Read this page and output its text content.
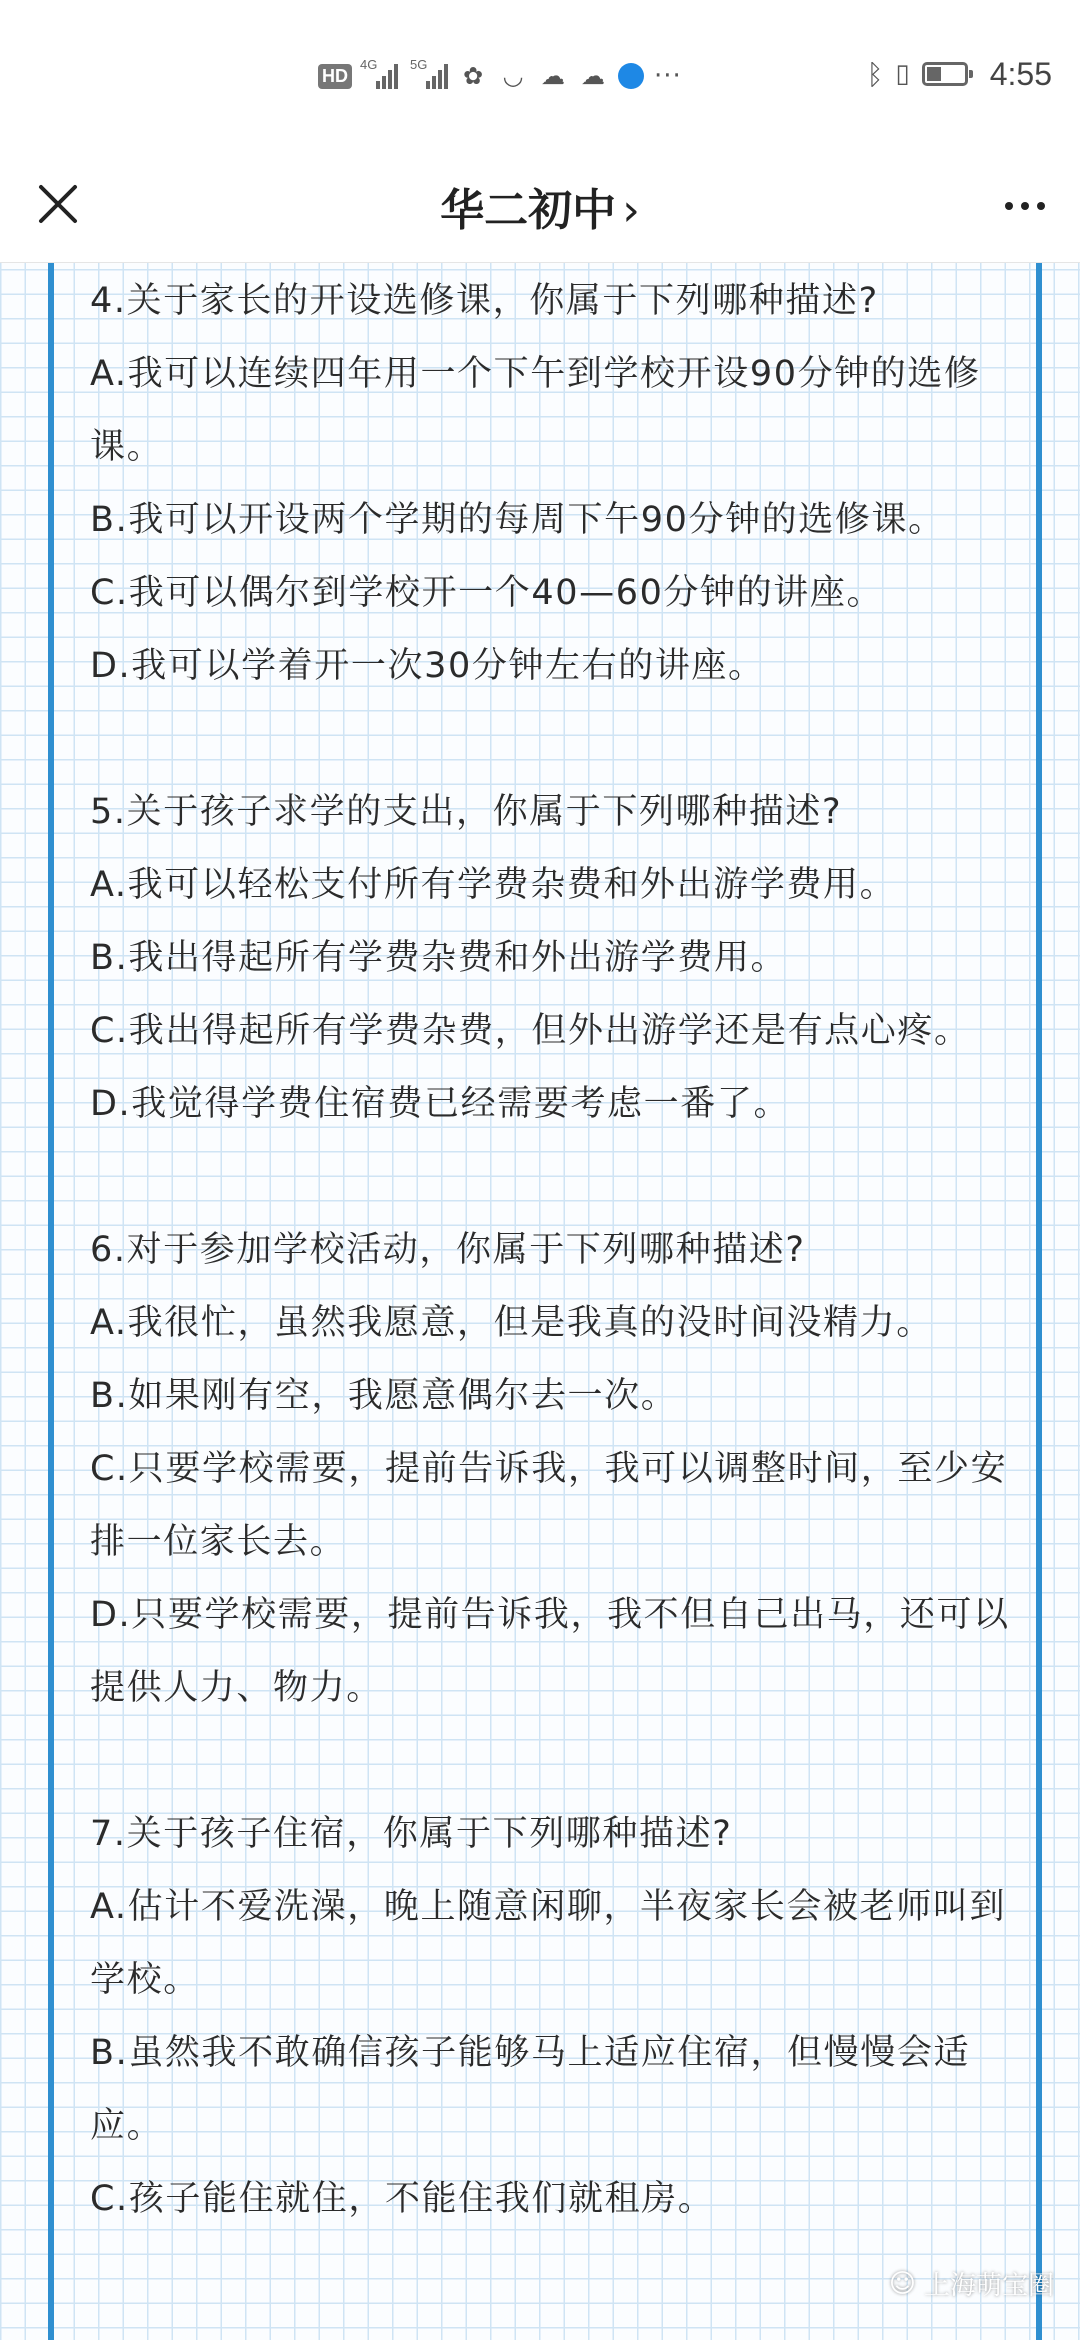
HD
4G	5G ✿ ◡ ☁ ☁ ···	ᛒ ▯	4:55
华二初中 ›

4.关于家长的开设选修课，你属于下列哪种描述?

A.我可以连续四年用一个下午到学校开设90分钟的选修课。

B.我可以开设两个学期的每周下午90分钟的选修课。

C.我可以偶尔到学校开一个40—60分钟的讲座。

D.我可以学着开一次30分钟左右的讲座。

5.关于孩子求学的支出，你属于下列哪种描述?

A.我可以轻松支付所有学费杂费和外出游学费用。

B.我出得起所有学费杂费和外出游学费用。

C.我出得起所有学费杂费，但外出游学还是有点心疼。

D.我觉得学费住宿费已经需要考虑一番了。

6.对于参加学校活动，你属于下列哪种描述?

A.我很忙，虽然我愿意，但是我真的没时间没精力。

B.如果刚有空，我愿意偶尔去一次。

C.只要学校需要，提前告诉我，我可以调整时间，至少安排一位家长去。

D.只要学校需要，提前告诉我，我不但自己出马，还可以提供人力、物力。

7.关于孩子住宿，你属于下列哪种描述?

A.估计不爱洗澡，晚上随意闲聊，半夜家长会被老师叫到学校。

B.虽然我不敢确信孩子能够马上适应住宿，但慢慢会适应。

C.孩子能住就住，不能住我们就租房。

☺ 上海萌宝圈
